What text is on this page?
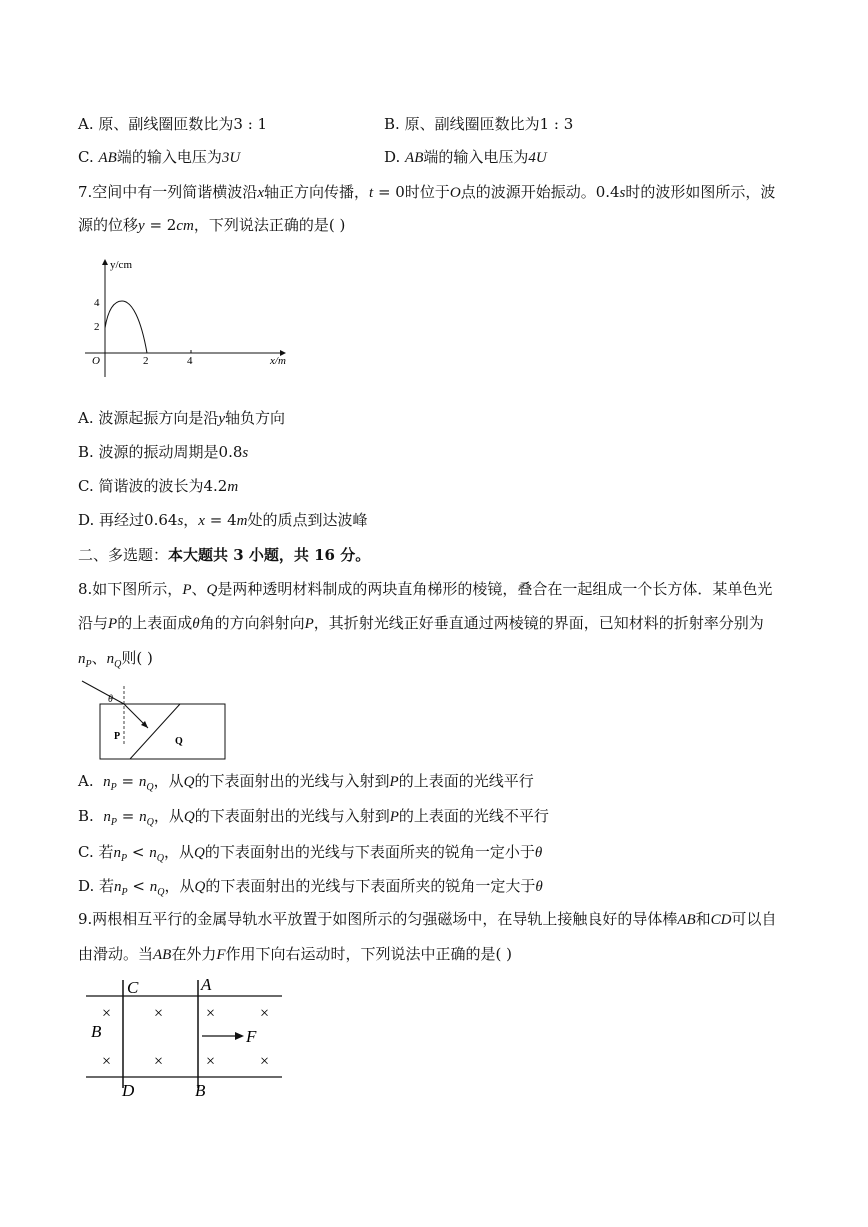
A. 原、副线圈匝数比为3 : 1	B. 原、副线圈匝数比为1 : 3
C. AB端的输入电压为3U	D. AB端的输入电压为4U
7.空间中有一列简谐横波沿x轴正方向传播，t = 0时位于O点的波源开始振动。0.4s时的波形如图所示，波
源的位移y = 2cm，下列说法正确的是( )
y/cm
x/m
O
4
2
2	4
A. 波源起振方向是沿y轴负方向
B. 波源的振动周期是0.8s
C. 简谐波的波长为4.2m
D. 再经过0.64s，x = 4m处的质点到达波峰
二、多选题：本大题共 3 小题，共 16 分。
8.如下图所示，P、Q是两种透明材料制成的两块直角梯形的棱镜，叠合在一起组成一个长方体．某单色光
沿与P的上表面成θ角的方向斜射向P，其折射光线正好垂直通过两棱镜的界面，已知材料的折射率分别为
$n_P$、$n_Q$则( )
θ
P	Q
A. $n_P = n_Q$，从Q的下表面射出的光线与入射到P的上表面的光线平行
B. $n_P = n_Q$，从Q的下表面射出的光线与入射到P的上表面的光线不平行
C. 若$n_P < n_Q$，从Q的下表面射出的光线与下表面所夹的锐角一定小于θ
D. 若$n_P < n_Q$，从Q的下表面射出的光线与下表面所夹的锐角一定大于θ
9.两根相互平行的金属导轨水平放置于如图所示的匀强磁场中，在导轨上接触良好的导体棒AB和CD可以自
由滑动。当AB在外力F作用下向右运动时，下列说法中正确的是( )
C	A
B
D	B
×	×	×	×
×	×	×	×
F
